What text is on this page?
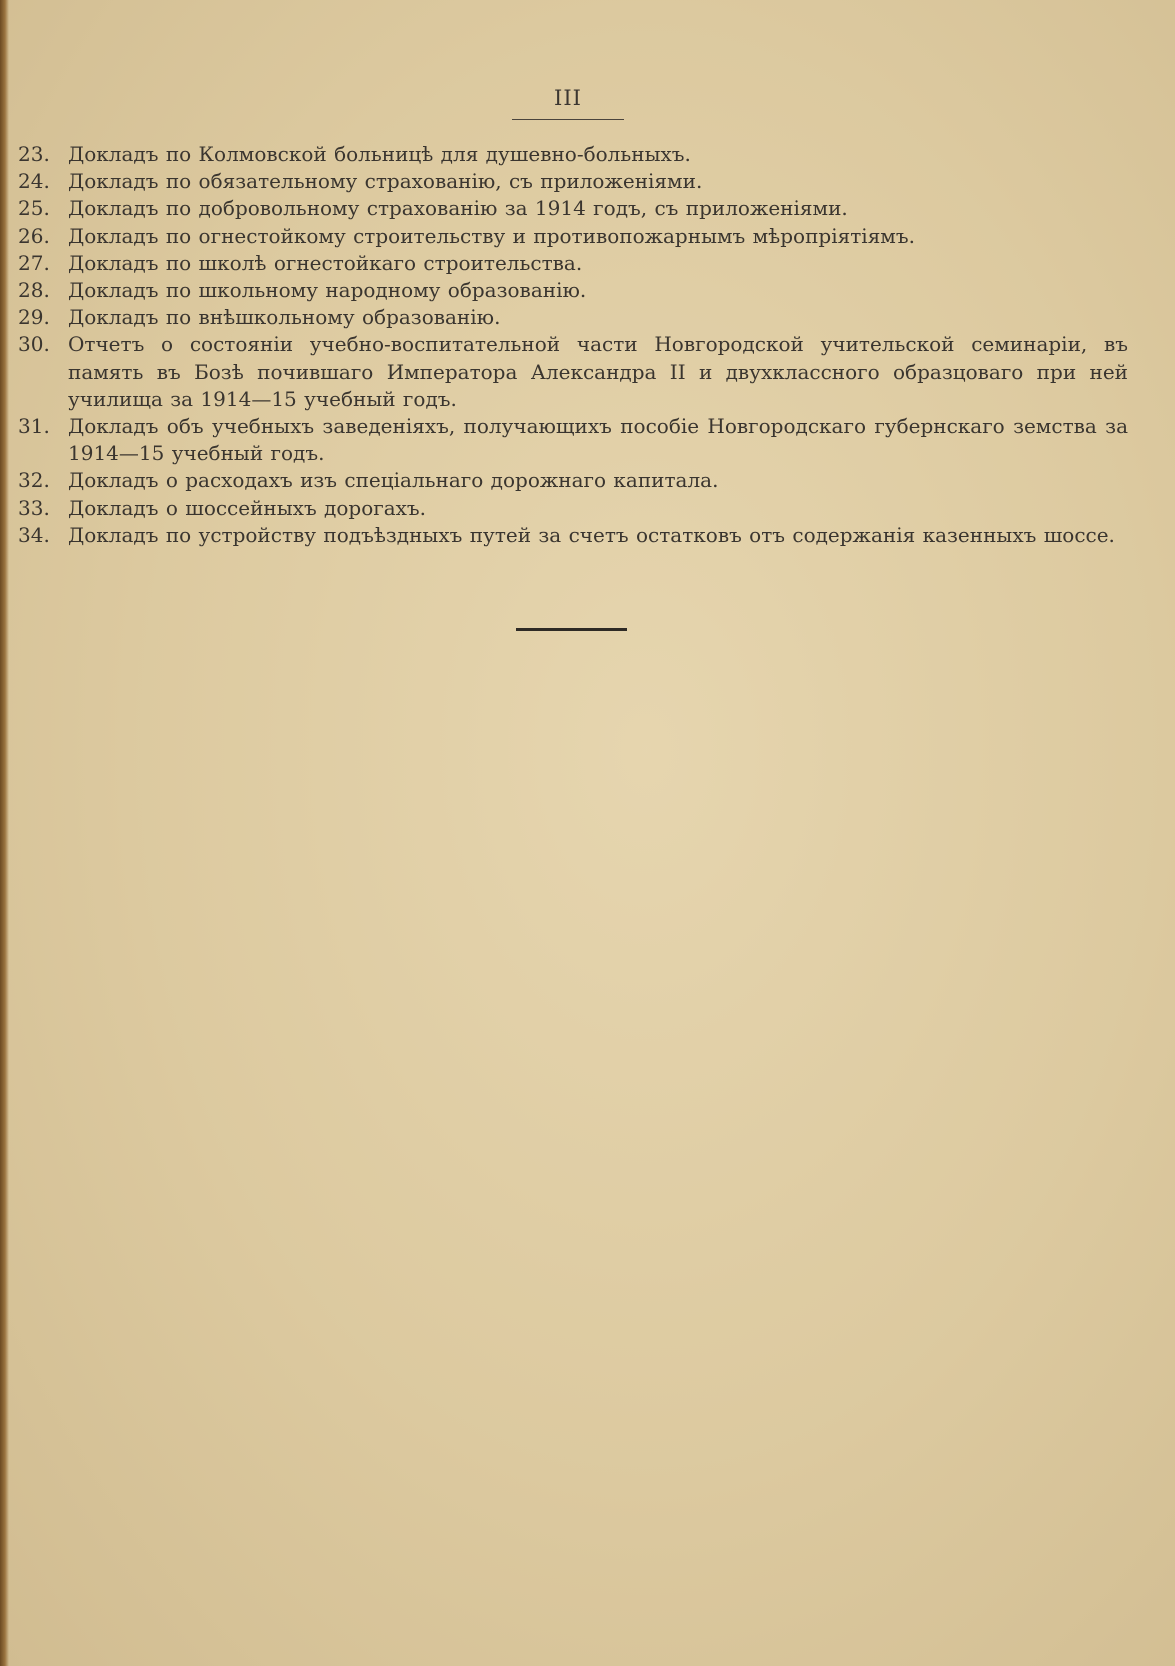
III
23. Докладъ по Колмовской больницѣ для душевно-больныхъ.
24. Докладъ по обязательному страхованiю, съ приложенiями.
25. Докладъ по добровольному страхованiю за 1914 годъ, съ приложенiями.
26. Докладъ по огнестойкому строительству и противопожарнымъ мѣропрiятiямъ.
27. Докладъ по школѣ огнестойкаго строительства.
28. Докладъ по школьному народному образованiю.
29. Докладъ по внѣшкольному образованiю.
30. Отчетъ о состоянiи учебно-воспитательной части Новгородской учительской семинарiи, въ память въ Бозѣ почившаго Императора Александра II и двухклассного образцоваго при ней училища за 1914—15 учебный годъ.
31. Докладъ объ учебныхъ заведенiяхъ, получающихъ пособiе Новгородскаго губернскаго земства за 1914—15 учебный годъ.
32. Докладъ о расходахъ изъ спецiальнаго дорожнаго капитала.
33. Докладъ о шоссейныхъ дорогахъ.
34. Докладъ по устройству подъѣздныхъ путей за счетъ остатковъ отъ содержанiя казенныхъ шоссе.
